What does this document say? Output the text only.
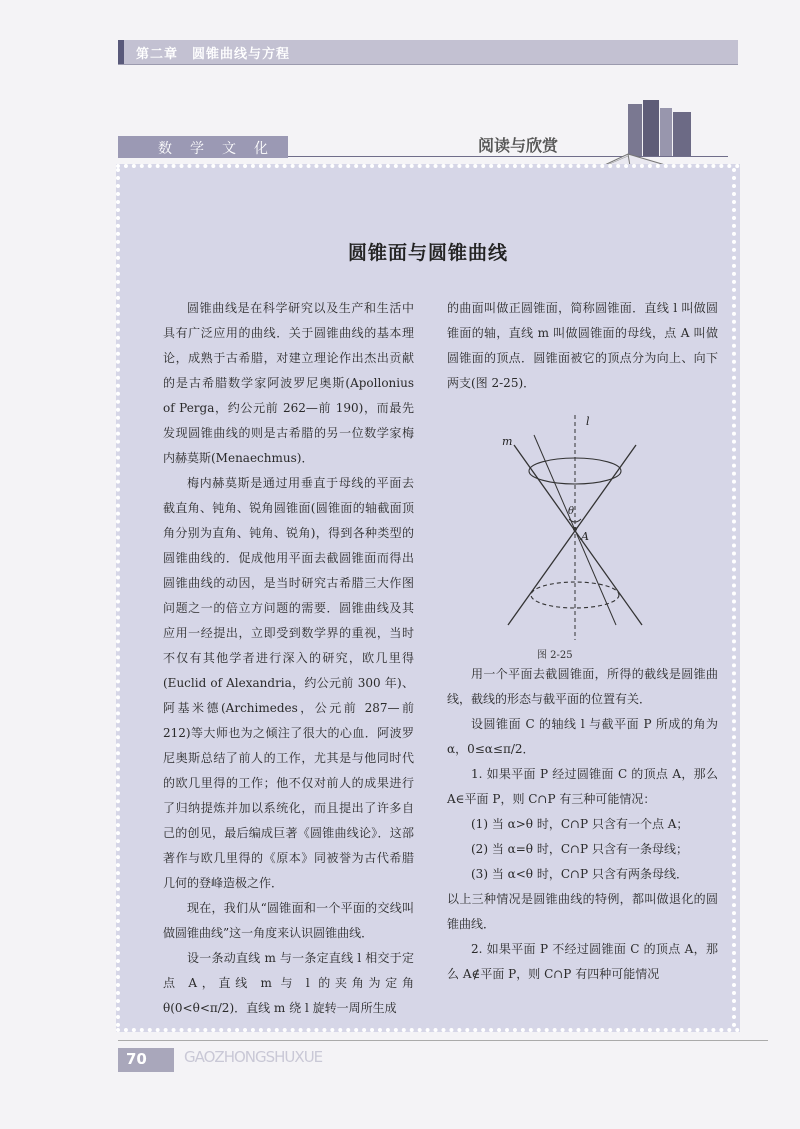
第二章　圆锥曲线与方程
数学文化	阅读与欣赏
圆锥面与圆锥曲线

圆锥曲线是在科学研究以及生产和生活中具有广泛应用的曲线．关于圆锥曲线的基本理论，成熟于古希腊，对建立理论作出杰出贡献的是古希腊数学家阿波罗尼奥斯(Apollonius of Perga，约公元前 262—前 190)，而最先发现圆锥曲线的则是古希腊的另一位数学家梅内赫莫斯(Menaechmus)．

梅内赫莫斯是通过用垂直于母线的平面去截直角、钝角、锐角圆锥面(圆锥面的轴截面顶角分别为直角、钝角、锐角)，得到各种类型的圆锥曲线的．促成他用平面去截圆锥面而得出圆锥曲线的动因，是当时研究古希腊三大作图问题之一的倍立方问题的需要．圆锥曲线及其应用一经提出，立即受到数学界的重视，当时不仅有其他学者进行深入的研究，欧几里得(Euclid of Alexandria，约公元前 300 年)、阿基米德(Archimedes，公元前 287—前 212)等大师也为之倾注了很大的心血．阿波罗尼奥斯总结了前人的工作，尤其是与他同时代的欧几里得的工作；他不仅对前人的成果进行了归纳提炼并加以系统化，而且提出了许多自己的创见，最后编成巨著《圆锥曲线论》．这部著作与欧几里得的《原本》同被誉为古代希腊几何的登峰造极之作．

现在，我们从“圆锥面和一个平面的交线叫做圆锥曲线”这一角度来认识圆锥曲线．

设一条动直线 m 与一条定直线 l 相交于定点 A，直线 m 与 l 的夹角为定角 θ(0<θ<π/2)．直线 m 绕 l 旋转一周所生成

的曲面叫做正圆锥面，简称圆锥面．直线 l 叫做圆锥面的轴，直线 m 叫做圆锥面的母线，点 A 叫做圆锥面的顶点．圆锥面被它的顶点分为向上、向下两支(图 2-25)．

l
m
θ
A
图 2-25

用一个平面去截圆锥面，所得的截线是圆锥曲线，截线的形态与截平面的位置有关．

设圆锥面 C 的轴线 l 与截平面 P 所成的角为 α，0≤α≤π/2．

1. 如果平面 P 经过圆锥面 C 的顶点 A，那么 A∈平面 P，则 C∩P 有三种可能情况：

(1) 当 α>θ 时，C∩P 只含有一个点 A；

(2) 当 α=θ 时，C∩P 只含有一条母线；

(3) 当 α<θ 时，C∩P 只含有两条母线．

以上三种情况是圆锥曲线的特例，都叫做退化的圆锥曲线．

2. 如果平面 P 不经过圆锥面 C 的顶点 A，那么 A∉平面 P，则 C∩P 有四种可能情况

70 GAOZHONGSHUXUE
